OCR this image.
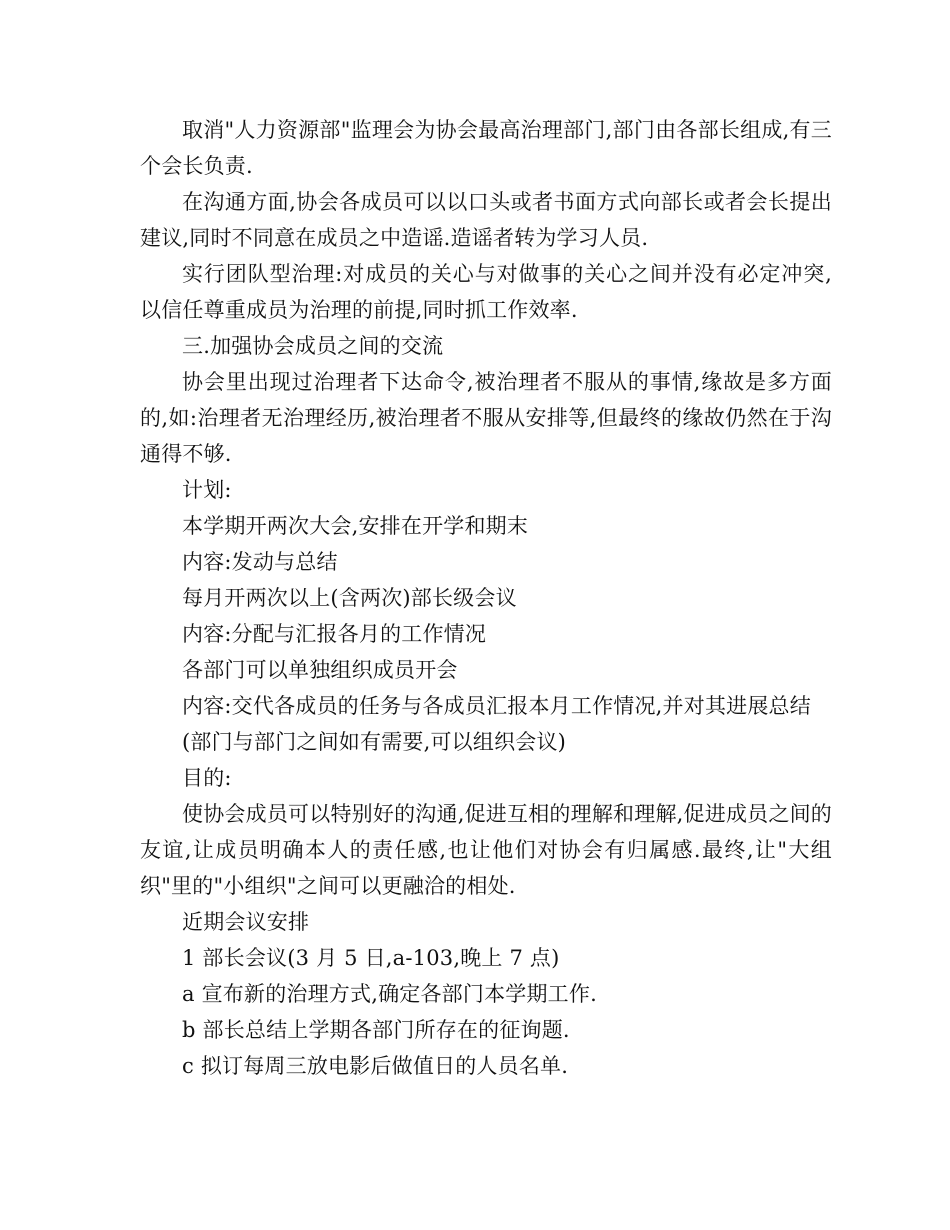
取消"人力资源部"监理会为协会最高治理部门,部门由各部长组成,有三个会长负责.

在沟通方面,协会各成员可以以口头或者书面方式向部长或者会长提出建议,同时不同意在成员之中造谣.造谣者转为学习人员.

实行团队型治理:对成员的关心与对做事的关心之间并没有必定冲突,以信任尊重成员为治理的前提,同时抓工作效率.

三.加强协会成员之间的交流

协会里出现过治理者下达命令,被治理者不服从的事情,缘故是多方面的,如:治理者无治理经历,被治理者不服从安排等,但最终的缘故仍然在于沟通得不够.

计划:

本学期开两次大会,安排在开学和期末

内容:发动与总结

每月开两次以上(含两次)部长级会议

内容:分配与汇报各月的工作情况

各部门可以单独组织成员开会

内容:交代各成员的任务与各成员汇报本月工作情况,并对其进展总结

(部门与部门之间如有需要,可以组织会议)

目的:

使协会成员可以特别好的沟通,促进互相的理解和理解,促进成员之间的友谊,让成员明确本人的责任感,也让他们对协会有归属感.最终,让"大组织"里的"小组织"之间可以更融洽的相处.

近期会议安排

1 部长会议(3 月 5 日,a-103,晚上 7 点)

a 宣布新的治理方式,确定各部门本学期工作.

b 部长总结上学期各部门所存在的征询题.

c 拟订每周三放电影后做值日的人员名单.
